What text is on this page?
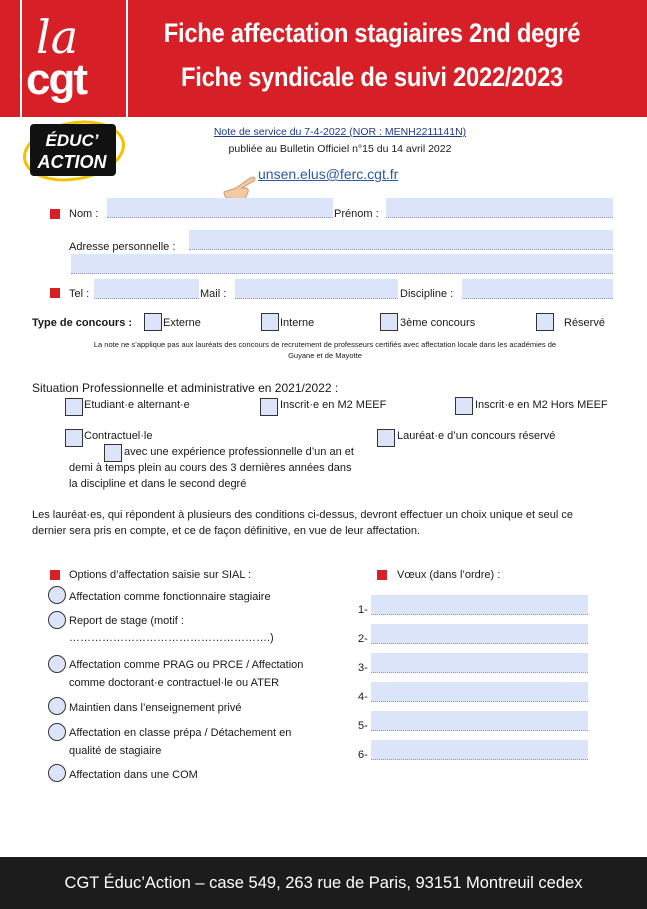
la
cgt
Fiche affectation stagiaires 2nd degré
Fiche syndicale de suivi 2022/2023
ÉDUC’
ACTION
Note de service du 7-4-2022 (NOR : MENH2211141N)
publiée au Bulletin Officiel n°15 du 14 avril 2022
unsen.elus@ferc.cgt.fr
Nom :	Prénom :
Adresse personnelle :
Tel :	Mail :	Discipline :
Type de concours :	Externe	Interne	3ème concours	Réservé
La note ne s’applique pas aux lauréats des concours de recrutement de professeurs certifiés avec affectation locale dans les académies de
Guyane et de Mayotte
Situation Professionnelle et administrative en 2021/2022 :
Etudiant·e alternant·e	Inscrit·e en M2 MEEF	Inscrit·e en M2 Hors MEEF
Contractuel·le
avec une expérience professionnelle d’un an et
demi à temps plein au cours des 3 dernières années dans
la discipline et dans le second degré
Lauréat·e d’un concours réservé
Les lauréat·es, qui répondent à plusieurs des conditions ci-dessus, devront effectuer un choix unique et seul ce
dernier sera pris en compte, et ce de façon définitive, en vue de leur affectation.
Options d’affectation saisie sur SIAL :
Affectation comme fonctionnaire stagiaire
Report de stage (motif :
……………………………………………….)
Affectation comme PRAG ou PRCE / Affectation
comme doctorant·e contractuel·le ou ATER
Maintien dans l’enseignement privé
Affectation en classe prépa / Détachement en
qualité de stagiaire
Affectation dans une COM
Vœux (dans l’ordre) :
1-
2-
3-
4-
5-
6-
CGT Éduc’Action – case 549, 263 rue de Paris, 93151 Montreuil cedex
